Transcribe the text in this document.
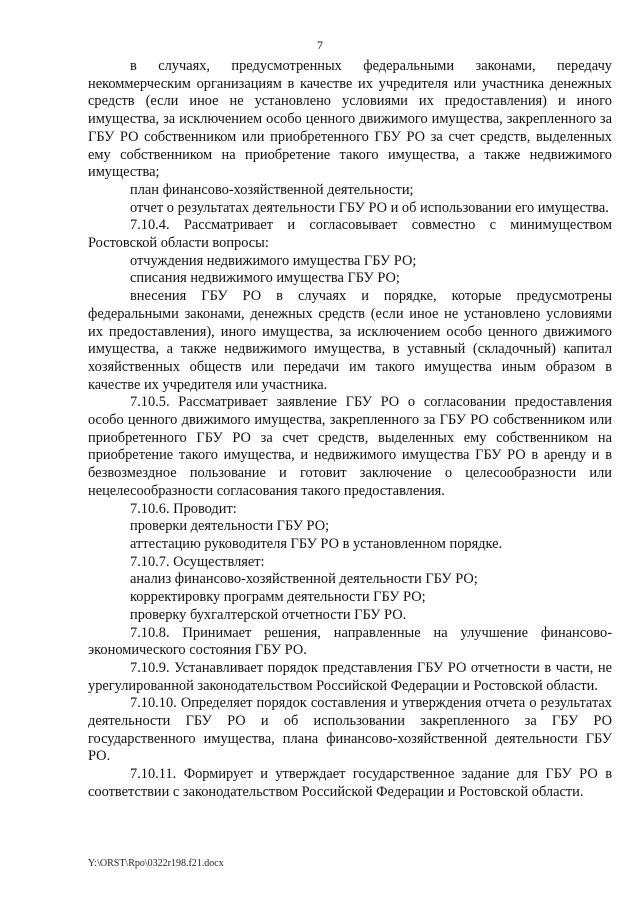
7

в случаях, предусмотренных федеральными законами, передачу некоммерческим организациям в качестве их учредителя или участника денежных средств (если иное не установлено условиями их предоставления) и иного имущества, за исключением особо ценного движимого имущества, закрепленного за ГБУ РО собственником или приобретенного ГБУ РО за счет средств, выделенных ему собственником на приобретение такого имущества, а также недвижимого имущества;

план финансово-хозяйственной деятельности;

отчет о результатах деятельности ГБУ РО и об использовании его имущества.

7.10.4. Рассматривает и согласовывает совместно с минимуществом Ростовской области вопросы:

отчуждения недвижимого имущества ГБУ РО;

списания недвижимого имущества ГБУ РО;

внесения ГБУ РО в случаях и порядке, которые предусмотрены федеральными законами, денежных средств (если иное не установлено условиями их предоставления), иного имущества, за исключением особо ценного движимого имущества, а также недвижимого имущества, в уставный (складочный) капитал хозяйственных обществ или передачи им такого имущества иным образом в качестве их учредителя или участника.

7.10.5. Рассматривает заявление ГБУ РО о согласовании предоставления особо ценного движимого имущества, закрепленного за ГБУ РО собственником или приобретенного ГБУ РО за счет средств, выделенных ему собственником на приобретение такого имущества, и недвижимого имущества ГБУ РО в аренду и в безвозмездное пользование и готовит заключение о целесообразности или нецелесообразности согласования такого предоставления.

7.10.6. Проводит:

проверки деятельности ГБУ РО;

аттестацию руководителя ГБУ РО в установленном порядке.

7.10.7. Осуществляет:

анализ финансово-хозяйственной деятельности ГБУ РО;

корректировку программ деятельности ГБУ РО;

проверку бухгалтерской отчетности ГБУ РО.

7.10.8. Принимает решения, направленные на улучшение финансово-экономического состояния ГБУ РО.

7.10.9. Устанавливает порядок представления ГБУ РО отчетности в части, не урегулированной законодательством Российской Федерации и Ростовской области.

7.10.10. Определяет порядок составления и утверждения отчета о результатах деятельности ГБУ РО и об использовании закрепленного за ГБУ РО государственного имущества, плана финансово-хозяйственной деятельности ГБУ РО.

7.10.11. Формирует и утверждает государственное задание для ГБУ РО в соответствии с законодательством Российской Федерации и Ростовской области.

Y:\ORST\Rpo\0322r198.f21.docx
